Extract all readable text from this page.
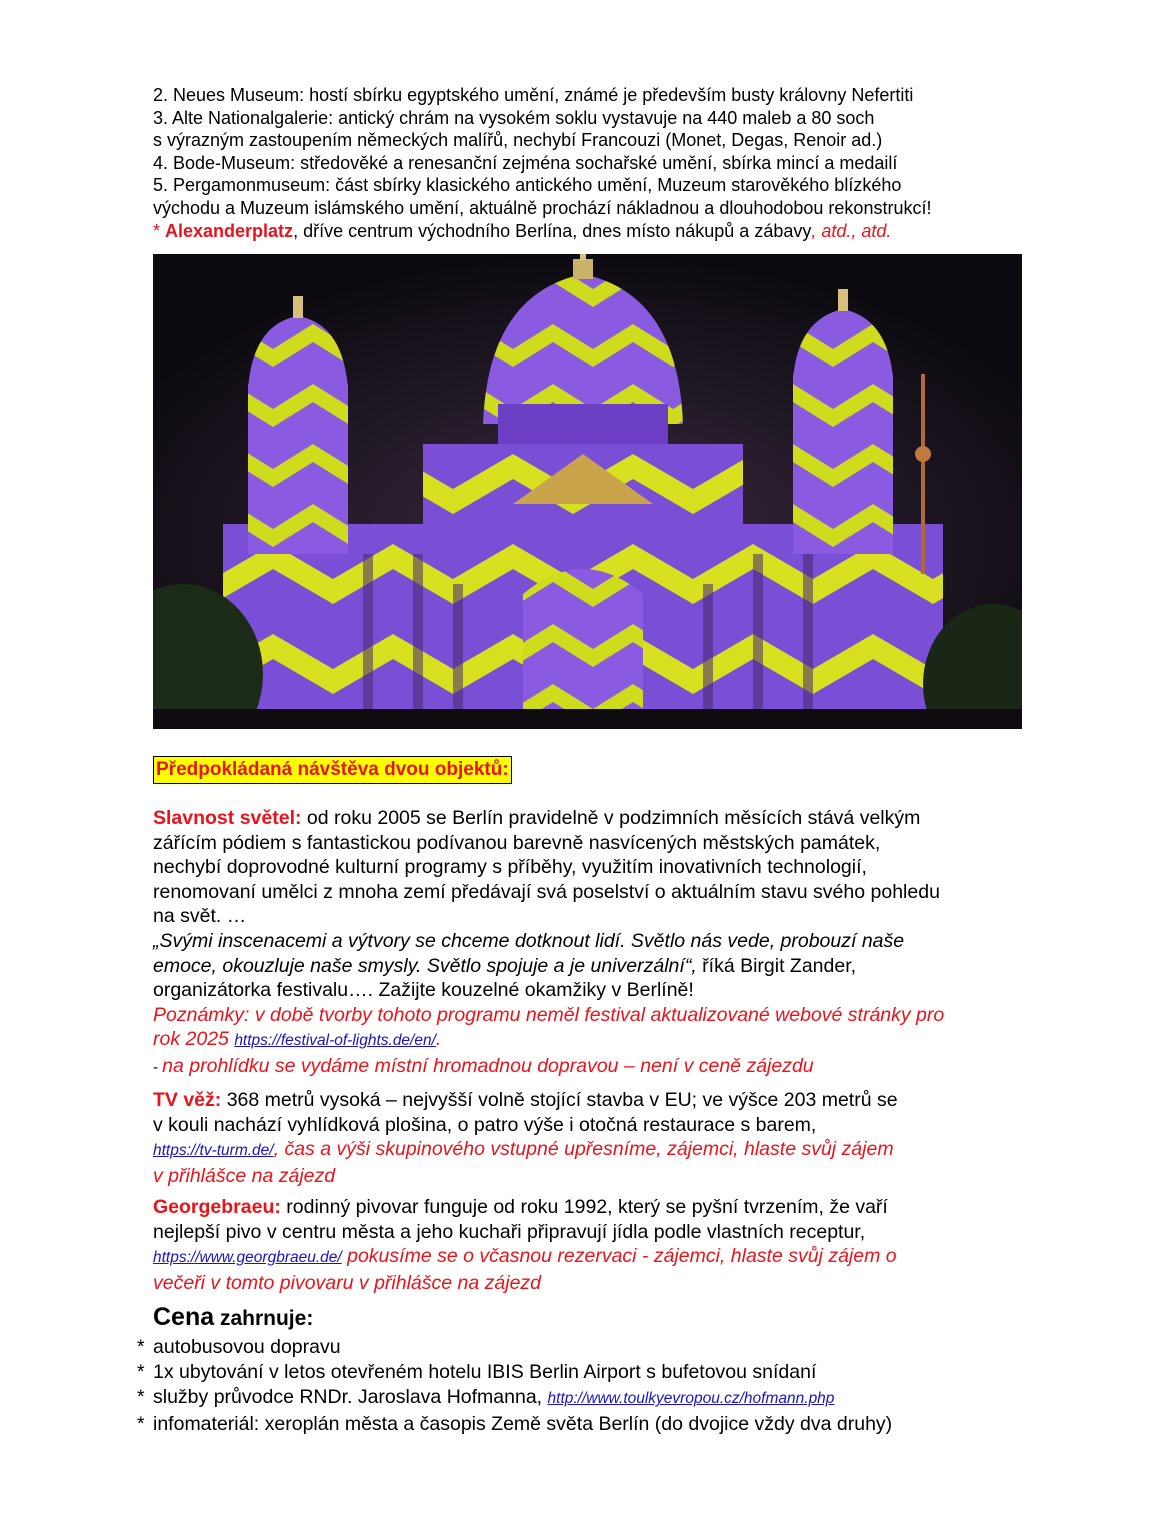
2. Neues Museum: hostí sbírku egyptského umění, známé je především busty královny Nefertiti

3. Alte Nationalgalerie: antický chrám na vysokém soklu vystavuje na 440 maleb a 80 soch

s výrazným zastoupením německých malířů, nechybí Francouzi (Monet, Degas, Renoir ad.)

4. Bode-Museum: středověké a renesanční zejména sochařské umění, sbírka mincí a medailí

5. Pergamonmuseum: část sbírky klasického antického umění, Muzeum starověkého blízkého

východu a Muzeum islámského umění, aktuálně prochází nákladnou a dlouhodobou rekonstrukcí!

* Alexanderplatz, dříve centrum východního Berlína, dnes místo nákupů a zábavy, atd., atd.

Předpokládaná návštěva dvou objektů:

Slavnost světel: od roku 2005 se Berlín pravidelně v podzimních měsících stává velkým

zářícím pódiem s fantastickou podívanou barevně nasvícených městských památek,

nechybí doprovodné kulturní programy s příběhy, využitím inovativních technologií,

renomovaní umělci z mnoha zemí předávají svá poselství o aktuálním stavu svého pohledu

na svět. …

„Svými inscenacemi a výtvory se chceme dotknout lidí. Světlo nás vede, probouzí naše

emoce, okouzluje naše smysly. Světlo spojuje a je univerzální“, říká Birgit Zander,

organizátorka festivalu…. Zažijte kouzelné okamžiky v Berlíně!

Poznámky: v době tvorby tohoto programu neměl festival aktualizované webové stránky pro

rok 2025 https://festival-of-lights.de/en/.

- na prohlídku se vydáme místní hromadnou dopravou – není v ceně zájezdu

TV věž: 368 metrů vysoká – nejvyšší volně stojící stavba v EU; ve výšce 203 metrů se

v kouli nachází vyhlídková plošina, o patro výše i otočná restaurace s barem,

https://tv-turm.de/, čas a výši skupinového vstupné upřesníme, zájemci, hlaste svůj zájem

v přihlášce na zájezd

Georgebraeu: rodinný pivovar funguje od roku 1992, který se pyšní tvrzením, že vaří

nejlepší pivo v centru města a jeho kuchaři připravují jídla podle vlastních receptur,

https://www.georgbraeu.de/ pokusíme se o včasnou rezervaci - zájemci, hlaste svůj zájem o

večeři v tomto pivovaru v přihlášce na zájezd

Cena zahrnuje:

* autobusovou dopravu

* 1x ubytování v letos otevřeném hotelu IBIS Berlin Airport s bufetovou snídaní

* služby průvodce RNDr. Jaroslava Hofmanna, http://www.toulkyevropou.cz/hofmann.php

* infomateriál: xeroplán města a časopis Země světa Berlín (do dvojice vždy dva druhy)
